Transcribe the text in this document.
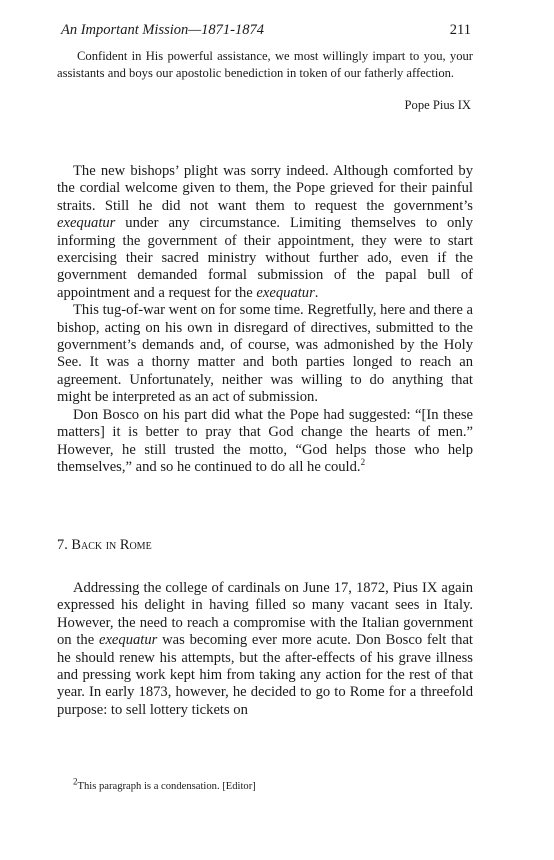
An Important Mission—1871-1874	211
Confident in His powerful assistance, we most willingly impart to you, your assistants and boys our apostolic benediction in token of our fatherly affection.
Pope Pius IX

The new bishops’ plight was sorry indeed. Although comforted by the cordial welcome given to them, the Pope grieved for their painful straits. Still he did not want them to request the government’s exequatur under any circumstance. Limiting themselves to only informing the government of their appointment, they were to start exercising their sacred ministry without further ado, even if the government demanded formal submission of the papal bull of appointment and a request for the exequatur.

This tug-of-war went on for some time. Regretfully, here and there a bishop, acting on his own in disregard of directives, submitted to the government’s demands and, of course, was admonished by the Holy See. It was a thorny matter and both parties longed to reach an agreement. Unfortunately, neither was willing to do anything that might be interpreted as an act of submission.

Don Bosco on his part did what the Pope had suggested: “[In these matters] it is better to pray that God change the hearts of men.” However, he still trusted the motto, “God helps those who help themselves,” and so he continued to do all he could.$^2$

7. Back in Rome

Addressing the college of cardinals on June 17, 1872, Pius IX again expressed his delight in having filled so many vacant sees in Italy. However, the need to reach a compromise with the Italian government on the exequatur was becoming ever more acute. Don Bosco felt that he should renew his attempts, but the after-effects of his grave illness and pressing work kept him from taking any action for the rest of that year. In early 1873, however, he decided to go to Rome for a threefold purpose: to sell lottery tickets on

$^2$This paragraph is a condensation. [Editor]
